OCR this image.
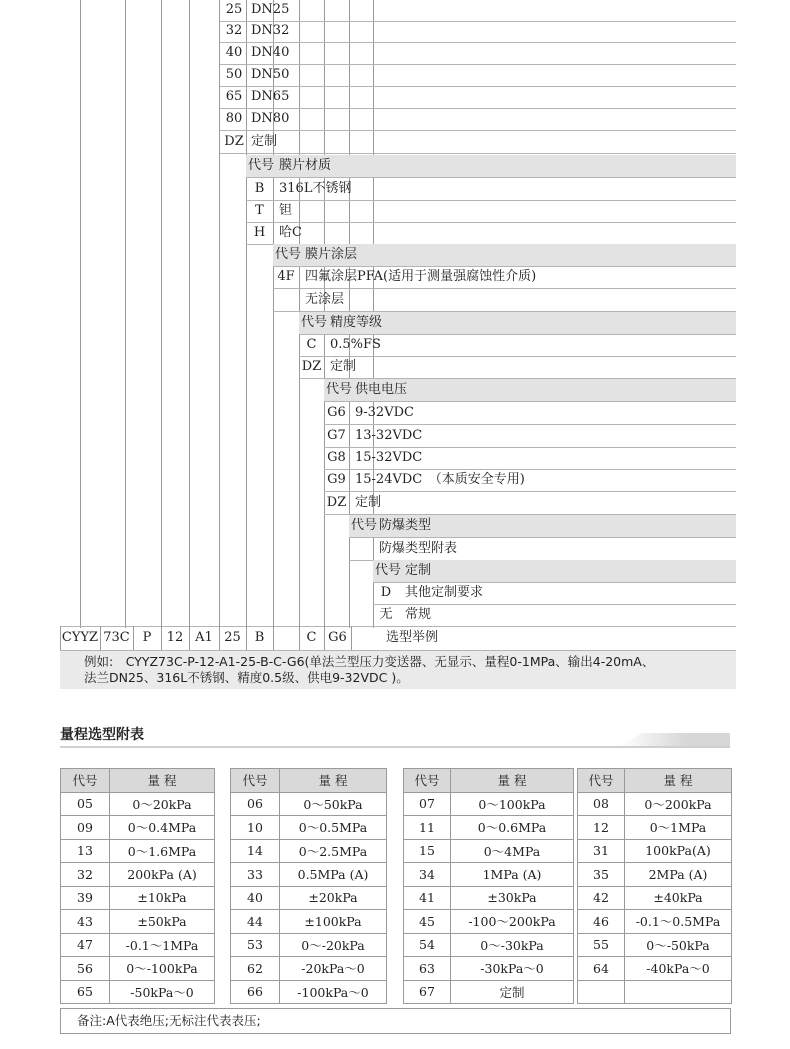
25 DN25
32 DN32
40 DN40
50 DN50
65 DN65
80 DN80
DZ 定制
代号 膜片材质
B	316L不锈钢
T	钽
H	哈C
代号 膜片涂层
4F 四氟涂层PFA(适用于测量强腐蚀性介质)
无涂层
代号 精度等级
C	0.5%FS
DZ 定制
代号 供电电压
G6 9-32VDC
G7 13-32VDC
G8 15-32VDC
G9 15-24VDC　（本质安全专用)
DZ 定制
代号 防爆类型
防爆类型附表
代号 定制
D	其他定制要求
无 常规
CYYZ 73C P	12 A1 25	B	C G6	选型举例
例如:　CYYZ73C-P-12-A1-25-B-C-G6(单法兰型压力变送器、无显示、量程0-1MPa、输出4-20mA、
法兰DN25、316L不锈钢、精度0.5级、供电9-32VDC )。
量程选型附表
代号	量 程
05	0～20kPa
09	0～0.4MPa
13	0～1.6MPa
32	200kPa (A)
39	±10kPa
43	±50kPa
47	-0.1～1MPa
56	0～-100kPa
65	-50kPa～0
代号	量 程
06	0～50kPa
10	0～0.5MPa
14	0～2.5MPa
33	0.5MPa (A)
40	±20kPa
44	±100kPa
53	0～-20kPa
62	-20kPa～0
66	-100kPa～0
代号	量 程
07	0～100kPa
11	0～0.6MPa
15	0～4MPa
34	1MPa (A)
41	±30kPa
45	-100～200kPa
54	0～-30kPa
63	-30kPa～0
67	定制
代号	量 程
08	0～200kPa
12	0～1MPa
31	100kPa(A)
35	2MPa (A)
42	±40kPa
46	-0.1～0.5MPa
55	0～-50kPa
64	-40kPa～0

备注:A代表绝压;无标注代表表压;
